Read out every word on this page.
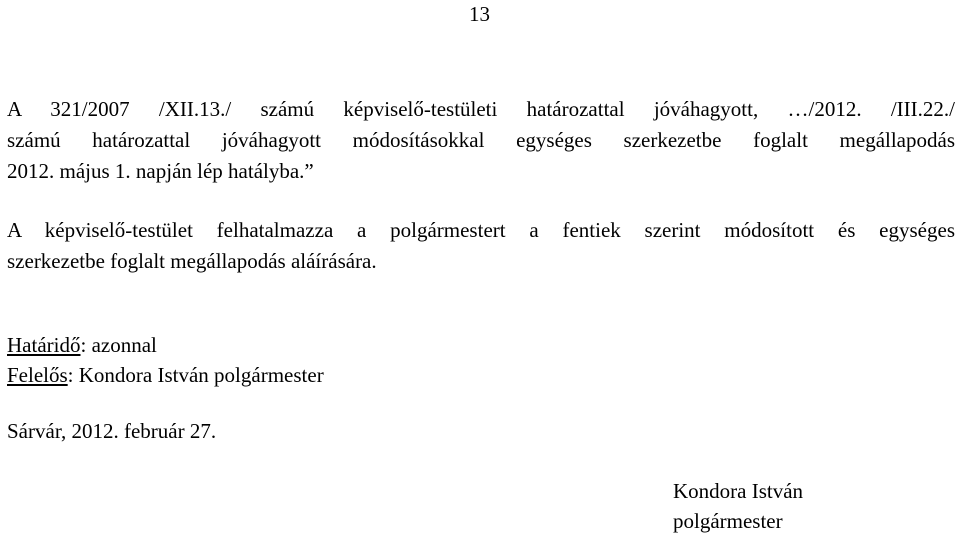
13
A 321/2007 /XII.13./ számú képviselő-testületi határozattal jóváhagyott, …/2012. /III.22./
számú határozattal jóváhagyott módosításokkal egységes szerkezetbe foglalt megállapodás
2012. május 1. napján lép hatályba.”
A képviselő-testület felhatalmazza a polgármestert a fentiek szerint módosított és egységes
szerkezetbe foglalt megállapodás aláírására.
Határidő: azonnal
Felelős: Kondora István polgármester
Sárvár, 2012. február 27.
Kondora István
polgármester
